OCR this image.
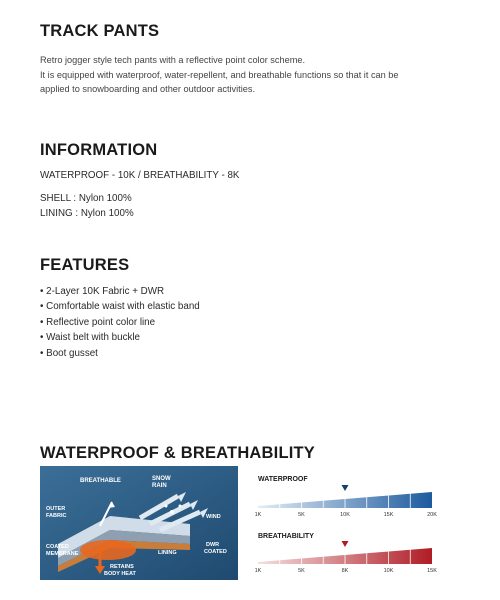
TRACK PANTS
Retro jogger style tech pants with a reflective point color scheme.
It is equipped with waterproof, water-repellent, and breathable functions so that it can be
applied to snowboarding and other outdoor activities.
INFORMATION

WATERPROOF - 10K / BREATHABILITY - 8K

SHELL : Nylon 100%

LINING : Nylon 100%

FEATURES
• 2-Layer 10K Fabric + DWR
• Comfortable waist with elastic band
• Reflective point color line
• Waist belt with buckle
• Boot gusset
WATERPROOF & BREATHABILITY
BREATHABLE	SNOW
RAIN
OUTER
FABRIC	WIND
COATED
MEMBRANE	LINING
DWR
COATED
RETAINS
BODY HEAT
WATERPROOF
1K	5K	10K	15K	20K
BREATHABILITY
1K	5K	8K	10K	15K
